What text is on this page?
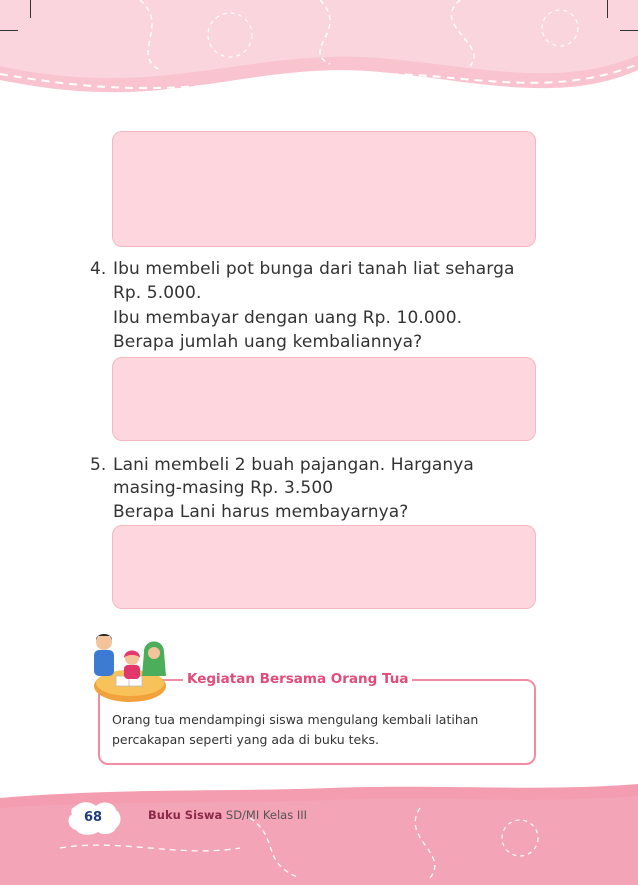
4. Ibu membeli pot bunga dari tanah liat seharga
Rp. 5.000.
Ibu membayar dengan uang Rp. 10.000.
Berapa jumlah uang kembaliannya?
5. Lani membeli 2 buah pajangan. Harganya
masing-masing Rp. 3.500
Berapa Lani harus membayarnya?
Kegiatan Bersama Orang Tua
Orang tua mendampingi siswa mengulang kembali latihan
percakapan seperti yang ada di buku teks.
68	Buku Siswa SD/MI Kelas III
